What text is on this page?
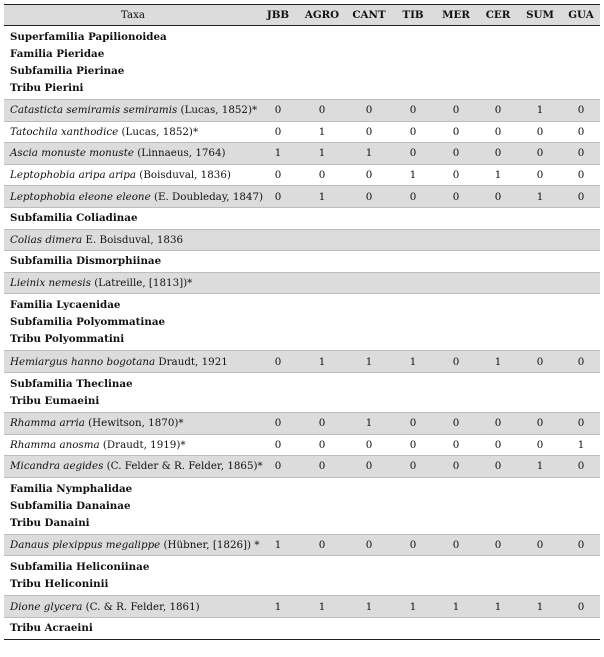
Taxa	JBB	AGRO	CANT	TIB	MER	CER	SUM	GUA
Superfamilia Papilionoidea
Familia Pieridae
Subfamilia Pierinae
Tribu Pierini
Catasticta semiramis semiramis (Lucas, 1852)*	0	0	0	0	0	0	1	0
Tatochila xanthodice (Lucas, 1852)*	0	1	0	0	0	0	0	0
Ascia monuste monuste (Linnaeus, 1764)	1	1	1	0	0	0	0	0
Leptophobia aripa aripa (Boisduval, 1836)	0	0	0	1	0	1	0	0
Leptophobia eleone eleone (E. Doubleday, 1847)	0	1	0	0	0	0	1	0
Subfamilia Coliadinae
Colias dimera E. Boisduval, 1836
Subfamilia Dismorphiinae
Lieinix nemesis (Latreille, [1813])*
Familia Lycaenidae
Subfamilia Polyommatinae
Tribu Polyommatini
Hemiargus hanno bogotana Draudt, 1921	0	1	1	1	0	1	0	0
Subfamilia Theclinae
Tribu Eumaeini
Rhamma arria (Hewitson, 1870)*	0	0	1	0	0	0	0	0
Rhamma anosma (Draudt, 1919)*	0	0	0	0	0	0	0	1
Micandra aegides (C. Felder & R. Felder, 1865)*	0	0	0	0	0	0	1	0
Familia Nymphalidae
Subfamilia Danainae
Tribu Danaini
Danaus plexippus megalippe (Hübner, [1826]) *	1	0	0	0	0	0	0	0
Subfamilia Heliconiinae
Tribu Heliconinii
Dione glycera (C. & R. Felder, 1861)	1	1	1	1	1	1	1	0
Tribu Acraeini
